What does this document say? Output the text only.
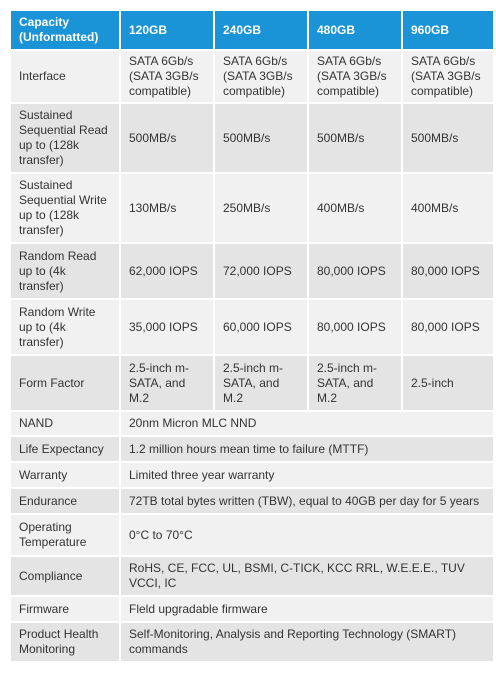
Capacity (Unformatted)	120GB	240GB	480GB	960GB
Interface	SATA 6Gb/s (SATA 3GB/s compatible)	SATA 6Gb/s (SATA 3GB/s compatible)	SATA 6Gb/s (SATA 3GB/s compatible)	SATA 6Gb/s (SATA 3GB/s compatible)
Sustained Sequential Read up to (128k transfer)	500MB/s	500MB/s	500MB/s	500MB/s
Sustained Sequential Write up to (128k transfer)	130MB/s	250MB/s	400MB/s	400MB/s
Random Read up to (4k transfer)	62,000 IOPS	72,000 IOPS	80,000 IOPS	80,000 IOPS
Random Write up to (4k transfer)	35,000 IOPS	60,000 IOPS	80,000 IOPS	80,000 IOPS
Form Factor	2.5-inch m-SATA, and M.2	2.5-inch m-SATA, and M.2	2.5-inch m-SATA, and M.2	2.5-inch
NAND	20nm Micron MLC NND			
Life Expectancy	1.2 million hours mean time to failure (MTTF)			
Warranty	Limited three year warranty			
Endurance	72TB total bytes written (TBW), equal to 40GB per day for 5 years			
Operating Temperature	0°C to 70°C			
Compliance	RoHS, CE, FCC, UL, BSMI, C-TICK, KCC RRL, W.E.E.E., TUV VCCI, IC			
Firmware	Fleld upgradable firmware			
Product Health Monitoring	Self-Monitoring, Analysis and Reporting Technology (SMART) commands			
